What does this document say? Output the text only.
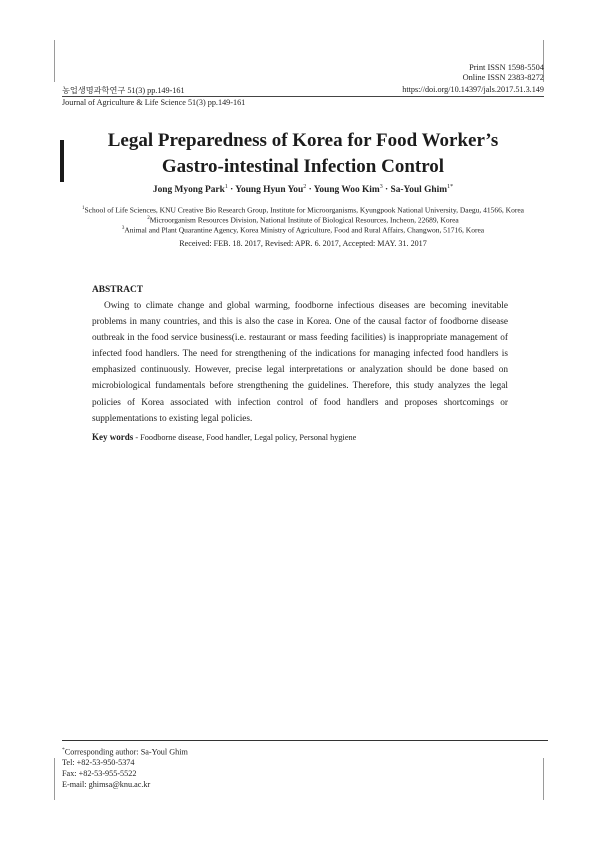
Print ISSN 1598-5504
Online ISSN 2383-8272
농업생명과학연구 51(3) pp.149-161	https://doi.org/10.14397/jals.2017.51.3.149
Journal of Agriculture & Life Science 51(3) pp.149-161
Legal Preparedness of Korea for Food Worker’s
Gastro-intestinal Infection Control
Jong Myong Park$^1$ · Young Hyun You$^2$ · Young Woo Kim$^3$ · Sa-Youl Ghim$^{1*}$
$^1$School of Life Sciences, KNU Creative Bio Research Group, Institute for Microorganisms, Kyungpook National University, Daegu, 41566, Korea
$^2$Microorganism Resources Division, National Institute of Biological Resources, Incheon, 22689, Korea
$^3$Animal and Plant Quarantine Agency, Korea Ministry of Agriculture, Food and Rural Affairs, Changwon, 51716, Korea
Received: FEB. 18. 2017, Revised: APR. 6. 2017, Accepted: MAY. 31. 2017
ABSTRACT
Owing to climate change and global warming, foodborne infectious diseases are becoming inevitable problems in many countries, and this is also the case in Korea. One of the causal factor of foodborne disease outbreak in the food service business(i.e. restaurant or mass feeding facilities) is inappropriate management of infected food handlers. The need for strengthening of the indications for managing infected food handlers is emphasized continuously. However, precise legal interpretations or analyzation should be done based on microbiological fundamentals before strengthening the guidelines. Therefore, this study analyzes the legal policies of Korea associated with infection control of food handlers and proposes shortcomings or supplementations to existing legal policies.
Key words - Foodborne disease, Food handler, Legal policy, Personal hygiene
*Corresponding author: Sa-Youl Ghim
Tel: +82-53-950-5374
Fax: +82-53-955-5522
E-mail: ghimsa@knu.ac.kr
